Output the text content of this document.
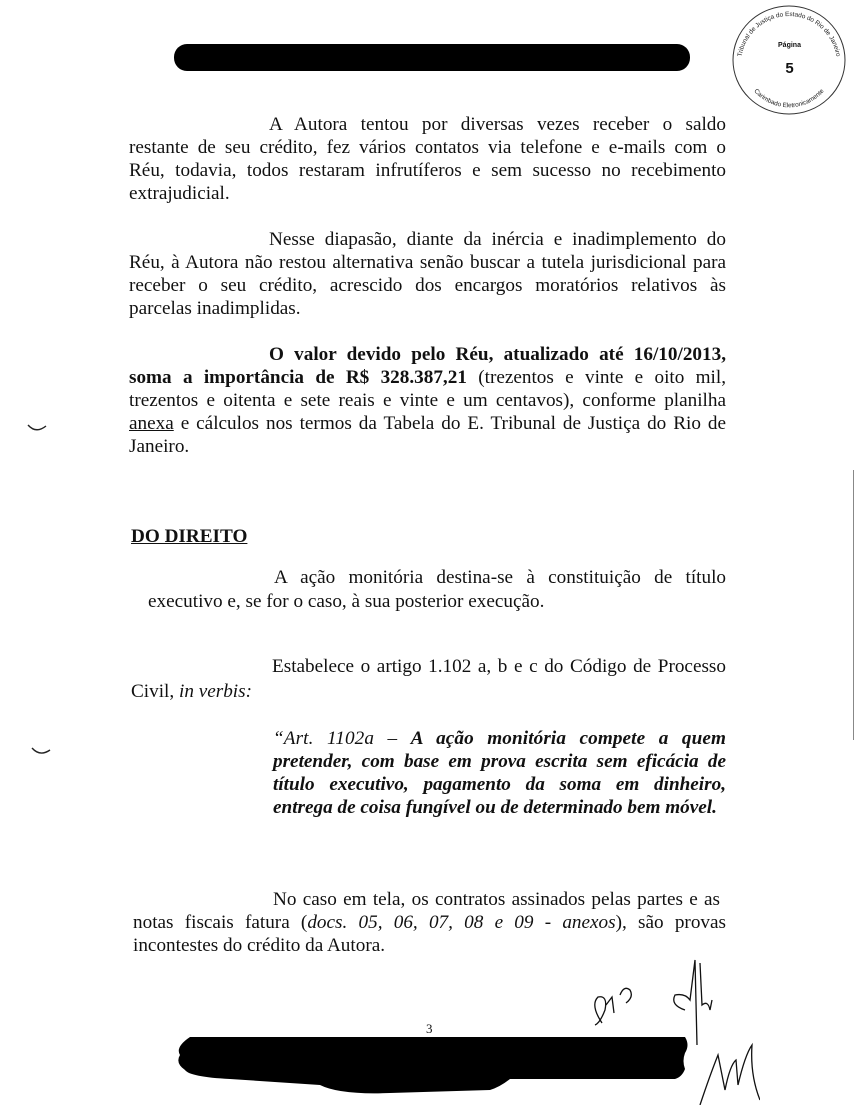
Tribunal de Justiça do Estado do Rio de Janeiro
Carimbado Eletronicamente
Página
5
A Autora tentou por diversas vezes receber o saldo
restante de seu crédito, fez vários contatos via telefone e e-mails com o
Réu, todavia, todos restaram infrutíferos e sem sucesso no recebimento
extrajudicial.
Nesse diapasão, diante da inércia e inadimplemento do
Réu, à Autora não restou alternativa senão buscar a tutela jurisdicional para
receber o seu crédito, acrescido dos encargos moratórios relativos às
parcelas inadimplidas.
O valor devido pelo Réu, atualizado até 16/10/2013,
soma a importância de R$ 328.387,21 (trezentos e vinte e oito mil,
trezentos e oitenta e sete reais e vinte e um centavos), conforme planilha
anexa e cálculos nos termos da Tabela do E. Tribunal de Justiça do Rio de
Janeiro.
DO DIREITO
A ação monitória destina-se à constituição de título
executivo e, se for o caso, à sua posterior execução.
Estabelece o artigo 1.102 a, b e c do Código de Processo
Civil, in verbis:
“Art. 1102a – A ação monitória compete a quem
pretender, com base em prova escrita sem eficácia de
título executivo, pagamento da soma em dinheiro,
entrega de coisa fungível ou de determinado bem móvel.
No caso em tela, os contratos assinados pelas partes e as
notas fiscais fatura (docs. 05, 06, 07, 08 e 09 - anexos), são provas
incontestes do crédito da Autora.
3
